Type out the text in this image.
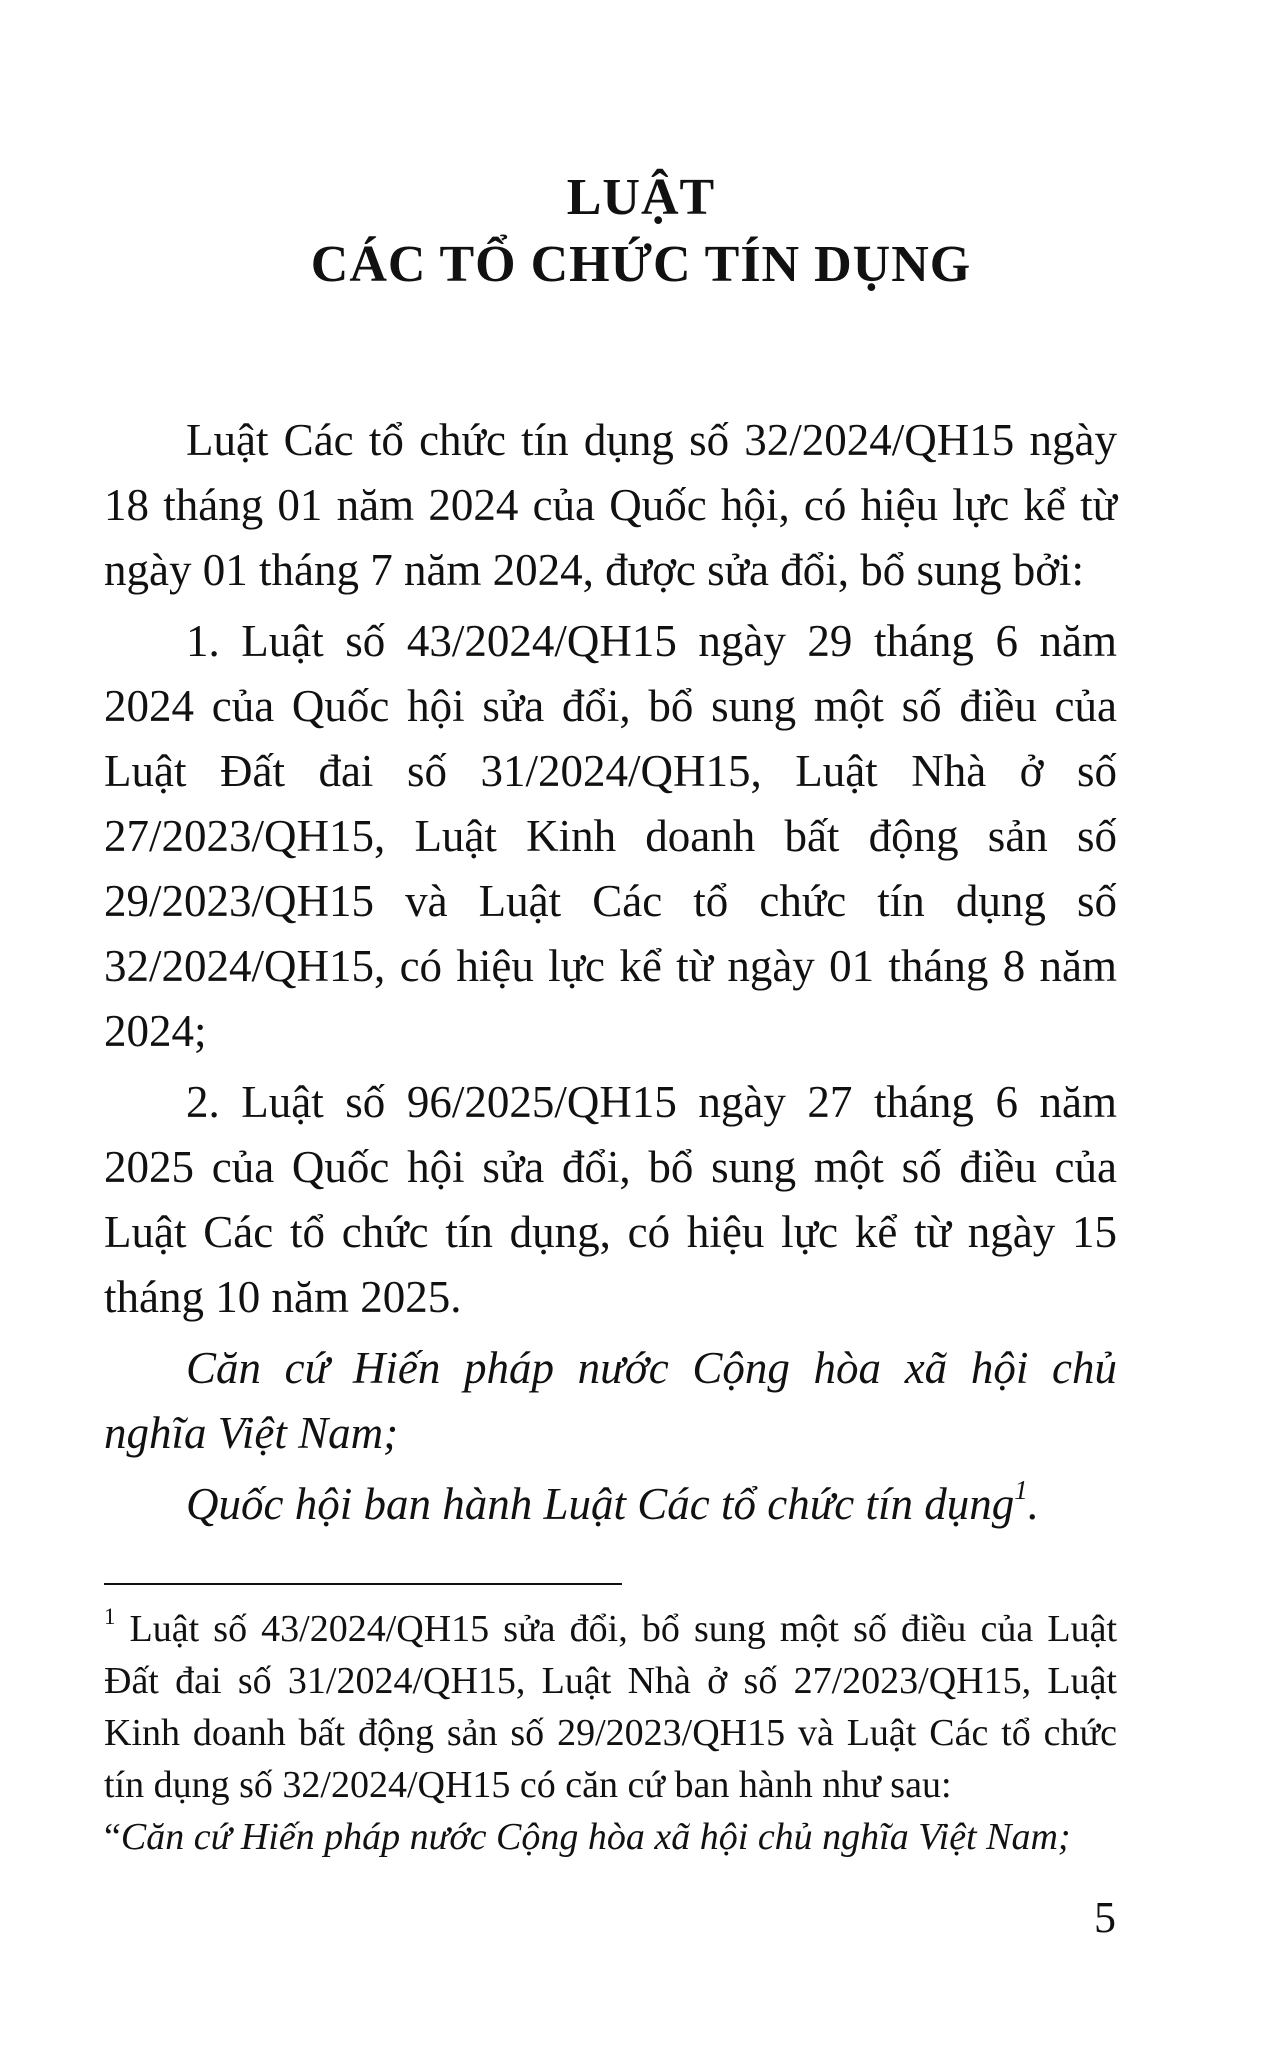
LUẬT
CÁC TỔ CHỨC TÍN DỤNG

Luật Các tổ chức tín dụng số 32/2024/QH15 ngày 18 tháng 01 năm 2024 của Quốc hội, có hiệu lực kể từ ngày 01 tháng 7 năm 2024, được sửa đổi, bổ sung bởi:

1. Luật số 43/2024/QH15 ngày 29 tháng 6 năm 2024 của Quốc hội sửa đổi, bổ sung một số điều của Luật Đất đai số 31/2024/QH15, Luật Nhà ở số 27/2023/QH15, Luật Kinh doanh bất động sản số 29/2023/QH15 và Luật Các tổ chức tín dụng số 32/2024/QH15, có hiệu lực kể từ ngày 01 tháng 8 năm 2024;

2. Luật số 96/2025/QH15 ngày 27 tháng 6 năm 2025 của Quốc hội sửa đổi, bổ sung một số điều của Luật Các tổ chức tín dụng, có hiệu lực kể từ ngày 15 tháng 10 năm 2025.

Căn cứ Hiến pháp nước Cộng hòa xã hội chủ nghĩa Việt Nam;

Quốc hội ban hành Luật Các tổ chức tín dụng$^1$.

$^1$ Luật số 43/2024/QH15 sửa đổi, bổ sung một số điều của Luật Đất đai số 31/2024/QH15, Luật Nhà ở số 27/2023/QH15, Luật Kinh doanh bất động sản số 29/2023/QH15 và Luật Các tổ chức tín dụng số 32/2024/QH15 có căn cứ ban hành như sau:

“Căn cứ Hiến pháp nước Cộng hòa xã hội chủ nghĩa Việt Nam;

5
